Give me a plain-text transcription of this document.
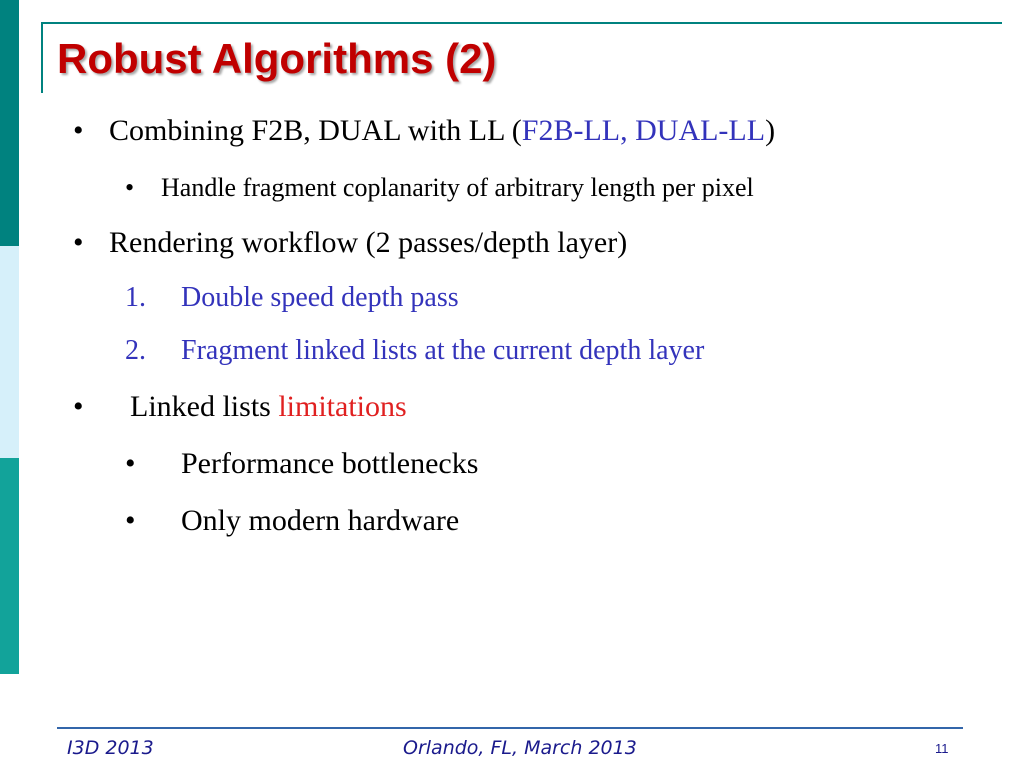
Robust Algorithms (2)
• Combining F2B, DUAL with LL (F2B-LL, DUAL-LL)
• Handle fragment coplanarity of arbitrary length per pixel
• Rendering workflow (2 passes/depth layer)
1. Double speed depth pass
2. Fragment linked lists at the current depth layer
• Linked lists limitations
• Performance bottlenecks
• Only modern hardware
I3D 2013	Orlando, FL, March 2013	11
